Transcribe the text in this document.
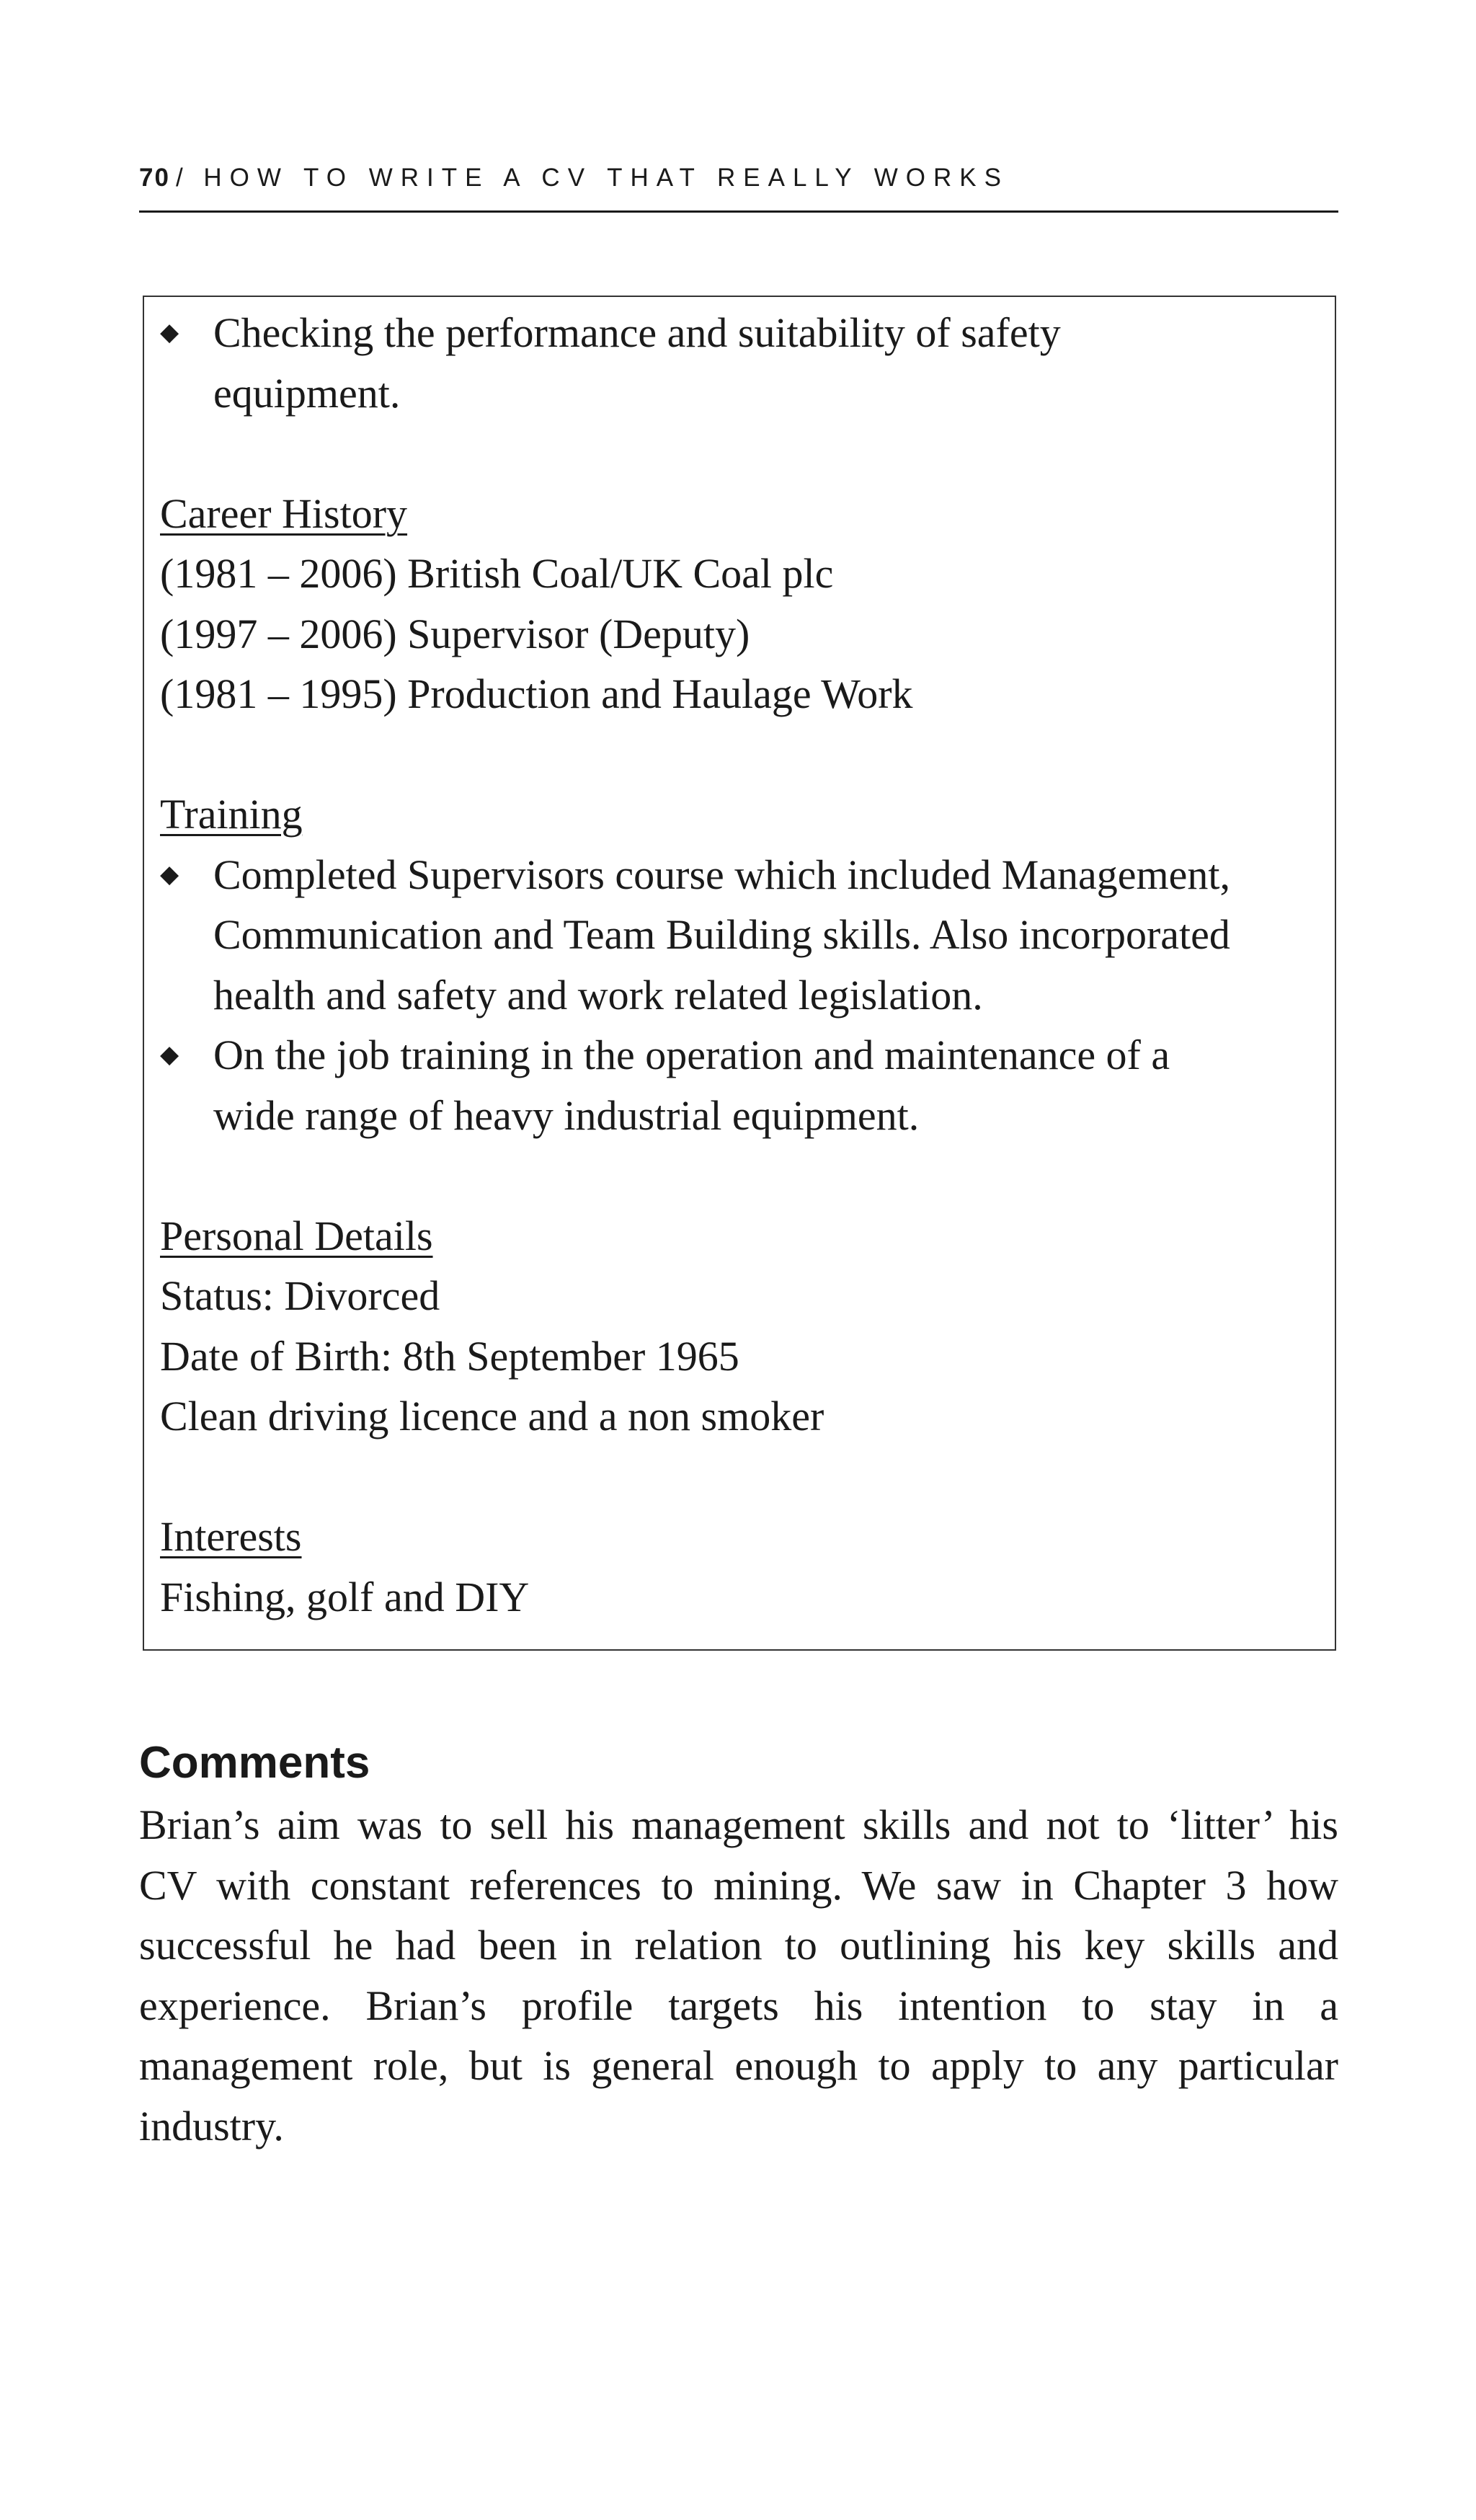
70 / HOW TO WRITE A CV THAT REALLY WORKS
◆ Checking the performance and suitability of safety
equipment.
Career History
(1981 – 2006) British Coal/UK Coal plc
(1997 – 2006) Supervisor (Deputy)
(1981 – 1995) Production and Haulage Work
Training
◆ Completed Supervisors course which included Management,
Communication and Team Building skills. Also incorporated
health and safety and work related legislation.
◆ On the job training in the operation and maintenance of a
wide range of heavy industrial equipment.
Personal Details
Status: Divorced
Date of Birth: 8th September 1965
Clean driving licence and a non smoker
Interests
Fishing, golf and DIY
Comments
Brian’s aim was to sell his management skills and not to ‘litter’ his
CV with constant references to mining. We saw in Chapter 3 how
successful he had been in relation to outlining his key skills and
experience. Brian’s profile targets his intention to stay in a
management role, but is general enough to apply to any particular
industry.
